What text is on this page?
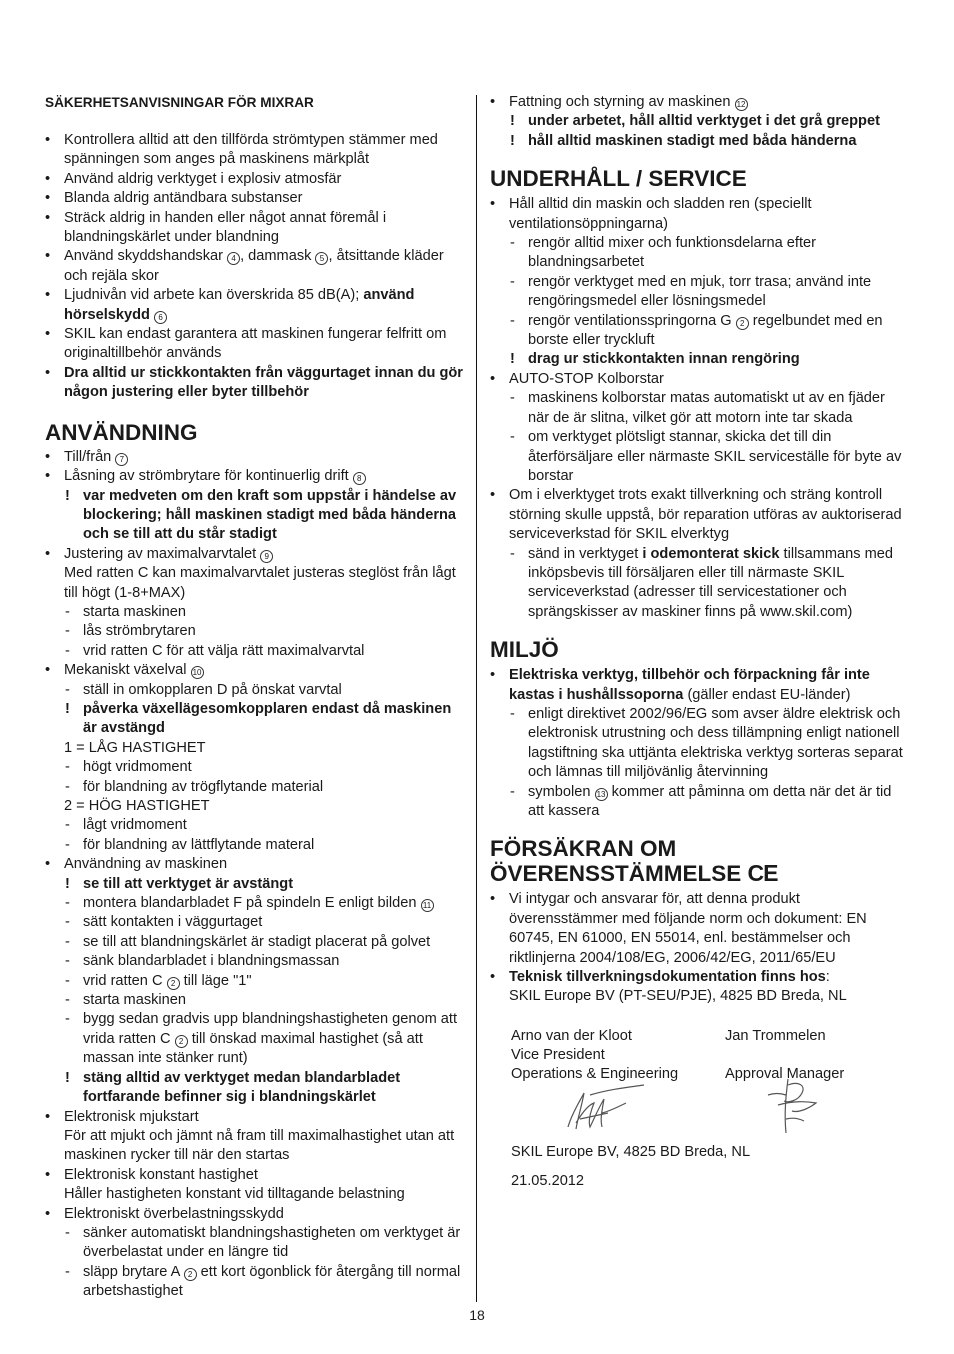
SÄKERHETSANVISNINGAR FÖR MIXRAR
• Kontrollera alltid att den tillförda strömtypen stämmer med spänningen som anges på maskinens märkplåt
• Använd aldrig verktyget i explosiv atmosfär
• Blanda aldrig antändbara substanser
• Sträck aldrig in handen eller något annat föremål i blandningskärlet under blandning
• Använd skyddshandskar 4 , dammask 5 , åtsittande kläder och rejäla skor
• Ljudnivån vid arbete kan överskrida 85 dB(A); använd hörselskydd 6
• SKIL kan endast garantera att maskinen fungerar felfritt om originaltillbehör används
• Dra alltid ur stickkontakten från väggurtaget innan du gör någon justering eller byter tillbehör
ANVÄNDNING
• Till/från 7
• Låsning av strömbrytare för kontinuerlig drift 8
! var medveten om den kraft som uppstår i händelse av blockering; håll maskinen stadigt med båda händerna och se till att du står stadigt
• Justering av maximalvarvtalet 9
Med ratten C kan maximalvarvtalet justeras steglöst från lågt till högt (1-8+MAX)
- starta maskinen
- lås strömbrytaren
- vrid ratten C för att välja rätt maximalvarvtal
• Mekaniskt växelval 10
- ställ in omkopplaren D på önskat varvtal
! påverka växellägesomkopplaren endast då maskinen är avstängd
1 = LÅG HASTIGHET
- högt vridmoment
- för blandning av trögflytande material
2 = HÖG HASTIGHET
- lågt vridmoment
- för blandning av lättflytande materal
• Användning av maskinen
! se till att verktyget är avstängt
- montera blandarbladet F på spindeln E enligt bilden 11
- sätt kontakten i väggurtaget
- se till att blandningskärlet är stadigt placerat på golvet
- sänk blandarbladet i blandningsmassan
- vrid ratten C 2 till läge "1"
- starta maskinen
- bygg sedan gradvis upp blandningshastigheten genom att vrida ratten C 2 till önskad maximal hastighet (så att massan inte stänker runt)
! stäng alltid av verktyget medan blandarbladet fortfarande befinner sig i blandningskärlet
• Elektronisk mjukstart
För att mjukt och jämnt nå fram till maximalhastighet utan att maskinen rycker till när den startas
• Elektronisk konstant hastighet
Håller hastigheten konstant vid tilltagande belastning
• Elektroniskt överbelastningsskydd
- sänker automatiskt blandningshastigheten om verktyget är överbelastat under en längre tid
- släpp brytare A 2 ett kort ögonblick för återgång till normal arbetshastighet
• Fattning och styrning av maskinen 12
! under arbetet, håll alltid verktyget i det grå greppet
! håll alltid maskinen stadigt med båda händerna
UNDERHÅLL / SERVICE
• Håll alltid din maskin och sladden ren (speciellt ventilationsöppningarna)
- rengör alltid mixer och funktionsdelarna efter blandningsarbetet
- rengör verktyget med en mjuk, torr trasa; använd inte rengöringsmedel eller lösningsmedel
- rengör ventilationsspringorna G 2 regelbundet med en borste eller tryckluft
! drag ur stickkontakten innan rengöring
• AUTO-STOP Kolborstar
- maskinens kolborstar matas automatiskt ut av en fjäder när de är slitna, vilket gör att motorn inte tar skada
- om verktyget plötsligt stannar, skicka det till din återförsäljare eller närmaste SKIL serviceställe för byte av borstar
• Om i elverktyget trots exakt tillverkning och sträng kontroll störning skulle uppstå, bör reparation utföras av auktoriserad serviceverkstad för SKIL elverktyg
- sänd in verktyget i odemonterat skick tillsammans med inköpsbevis till försäljaren eller till närmaste SKIL serviceverkstad (adresser till servicestationer och sprängskisser av maskiner finns på www.skil.com)
MILJÖ
• Elektriska verktyg, tillbehör och förpackning får inte kastas i hushållssoporna (gäller endast EU-länder)
- enligt direktivet 2002/96/EG som avser äldre elektrisk och elektronisk utrustning och dess tillämpning enligt nationell lagstiftning ska uttjänta elektriska verktyg sorteras separat och lämnas till miljövänlig återvinning
- symbolen 13 kommer att påminna om detta när det är tid att kassera
FÖRSÄKRAN OM
ÖVERENSSTÄMMELSE CE
• Vi intygar och ansvarar för, att denna produkt överensstämmer med följande norm och dokument: EN 60745, EN 61000, EN 55014, enl. bestämmelser och riktlinjerna 2004/108/EG, 2006/42/EG, 2011/65/EU
• Teknisk tillverkningsdokumentation finns hos:
SKIL Europe BV (PT-SEU/PJE), 4825 BD Breda, NL
Arno van der Kloot
Vice President
Operations & Engineering
Jan Trommelen
Approval Manager
SKIL Europe BV, 4825 BD Breda, NL
21.05.2012
18
